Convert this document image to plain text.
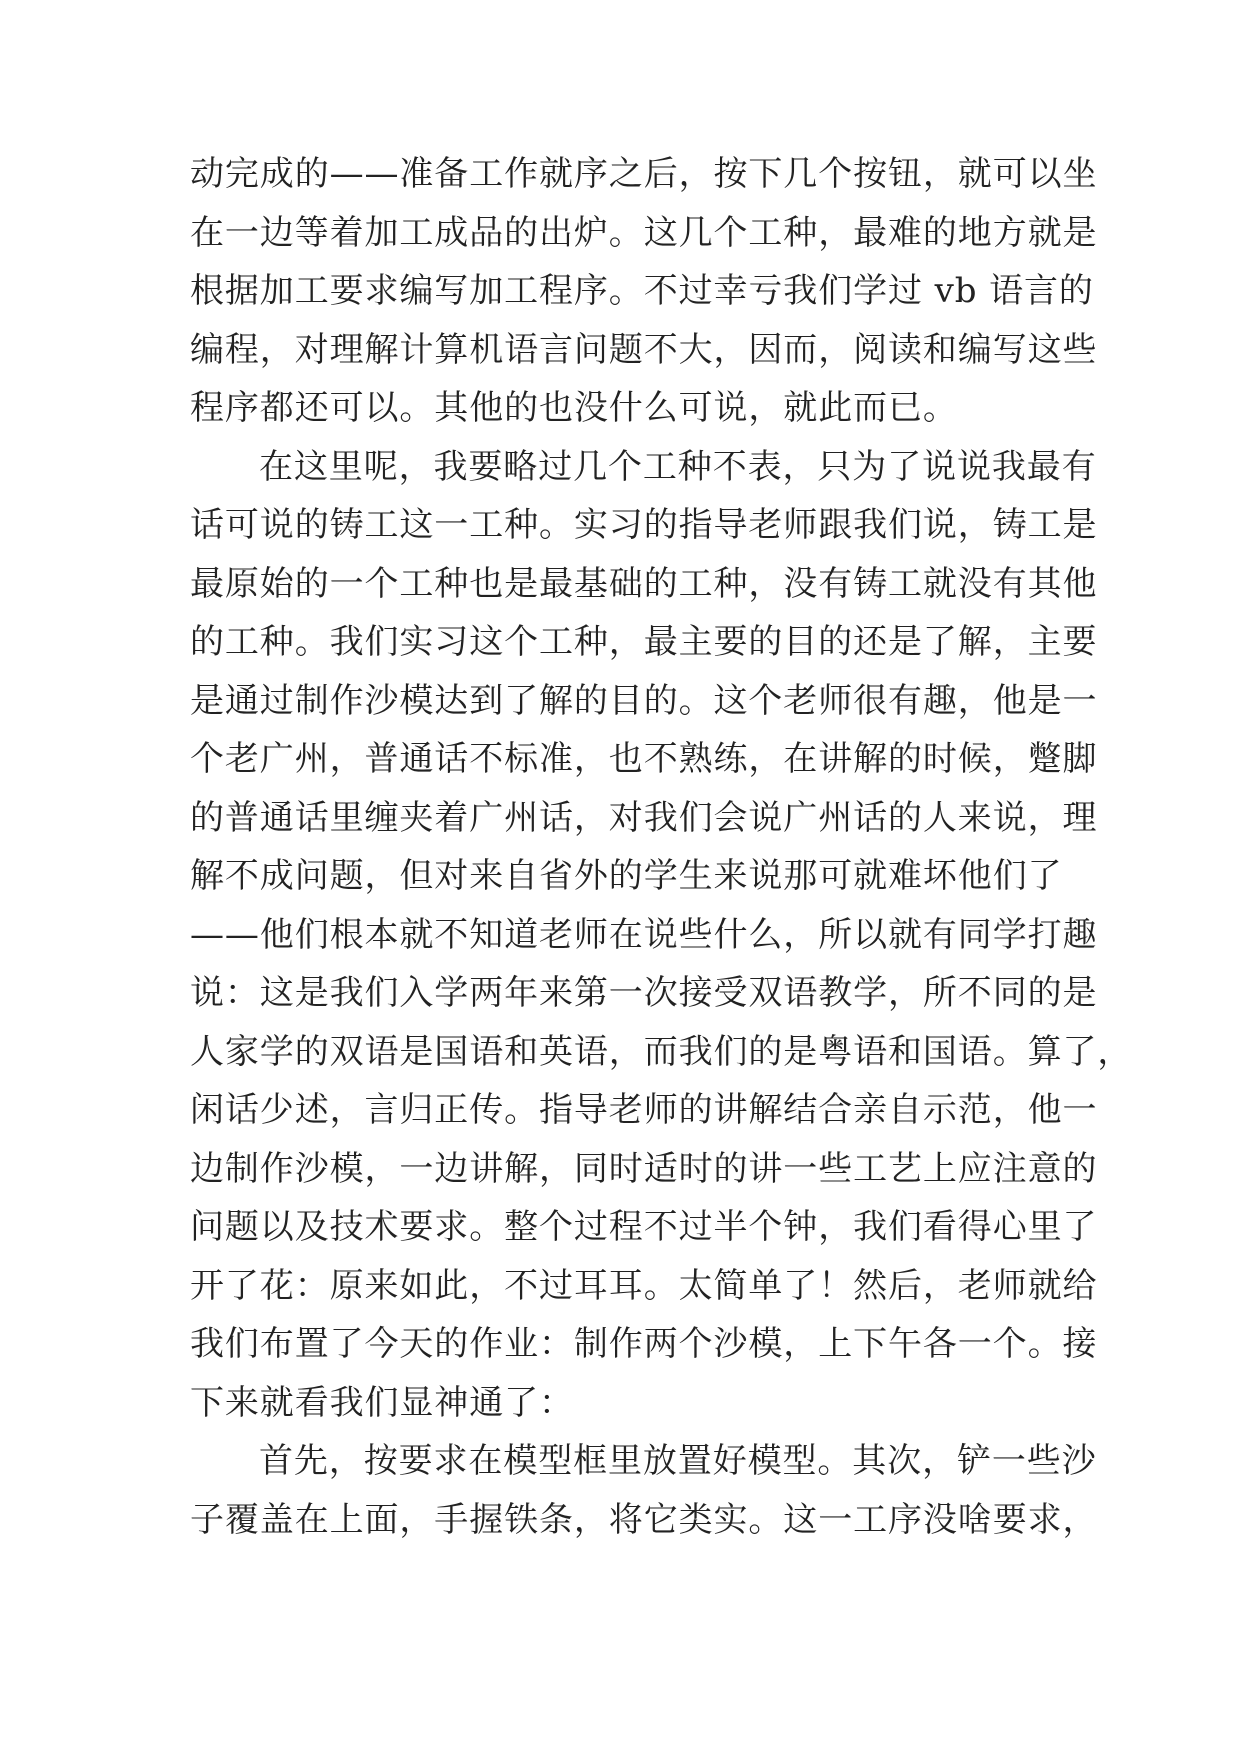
动完成的——准备工作就序之后，按下几个按钮，就可以坐
在一边等着加工成品的出炉。这几个工种，最难的地方就是
根据加工要求编写加工程序。不过幸亏我们学过 vb 语言的
编程，对理解计算机语言问题不大，因而，阅读和编写这些
程序都还可以。其他的也没什么可说，就此而已。
在这里呢，我要略过几个工种不表，只为了说说我最有
话可说的铸工这一工种。实习的指导老师跟我们说，铸工是
最原始的一个工种也是最基础的工种，没有铸工就没有其他
的工种。我们实习这个工种，最主要的目的还是了解，主要
是通过制作沙模达到了解的目的。这个老师很有趣，他是一
个老广州，普通话不标准，也不熟练，在讲解的时候，蹩脚
的普通话里缠夹着广州话，对我们会说广州话的人来说，理
解不成问题，但对来自省外的学生来说那可就难坏他们了
——他们根本就不知道老师在说些什么，所以就有同学打趣
说：这是我们入学两年来第一次接受双语教学，所不同的是
人家学的双语是国语和英语，而我们的是粤语和国语。算了，
闲话少述，言归正传。指导老师的讲解结合亲自示范，他一
边制作沙模，一边讲解，同时适时的讲一些工艺上应注意的
问题以及技术要求。整个过程不过半个钟，我们看得心里了
开了花：原来如此，不过耳耳。太简单了！然后，老师就给
我们布置了今天的作业：制作两个沙模，上下午各一个。接
下来就看我们显神通了：
首先，按要求在模型框里放置好模型。其次，铲一些沙
子覆盖在上面，手握铁条，将它类实。这一工序没啥要求，
